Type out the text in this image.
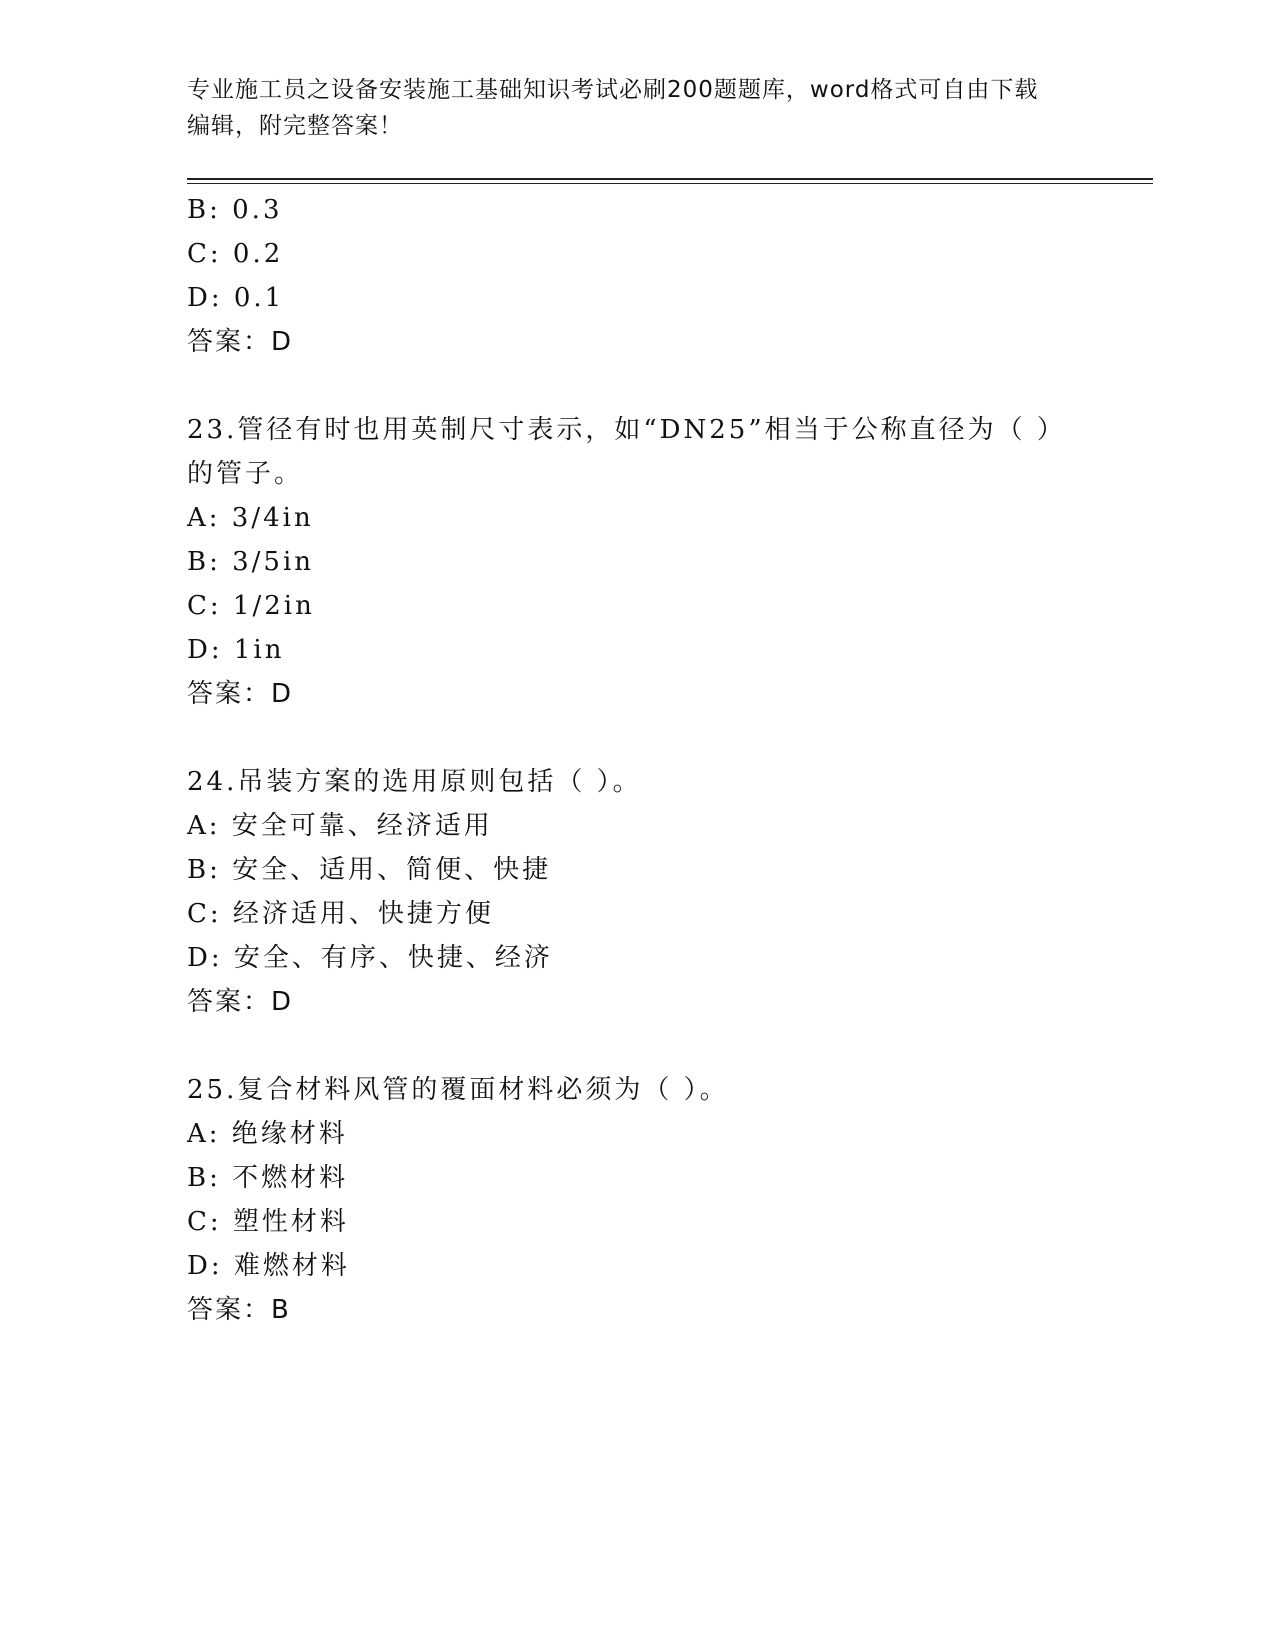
专业施工员之设备安装施工基础知识考试必刷200题题库，word格式可自由下载
编辑，附完整答案！
B: 0.3
C: 0.2
D: 0.1
答案：D
23.管径有时也用英制尺寸表示，如“DN25”相当于公称直径为（ ）
的管子。
A: 3/4in
B: 3/5in
C: 1/2in
D: 1in
答案：D
24.吊装方案的选用原则包括（ ）。
A: 安全可靠、经济适用
B: 安全、适用、简便、快捷
C: 经济适用、快捷方便
D: 安全、有序、快捷、经济
答案：D
25.复合材料风管的覆面材料必须为（ ）。
A: 绝缘材料
B: 不燃材料
C: 塑性材料
D: 难燃材料
答案：B
